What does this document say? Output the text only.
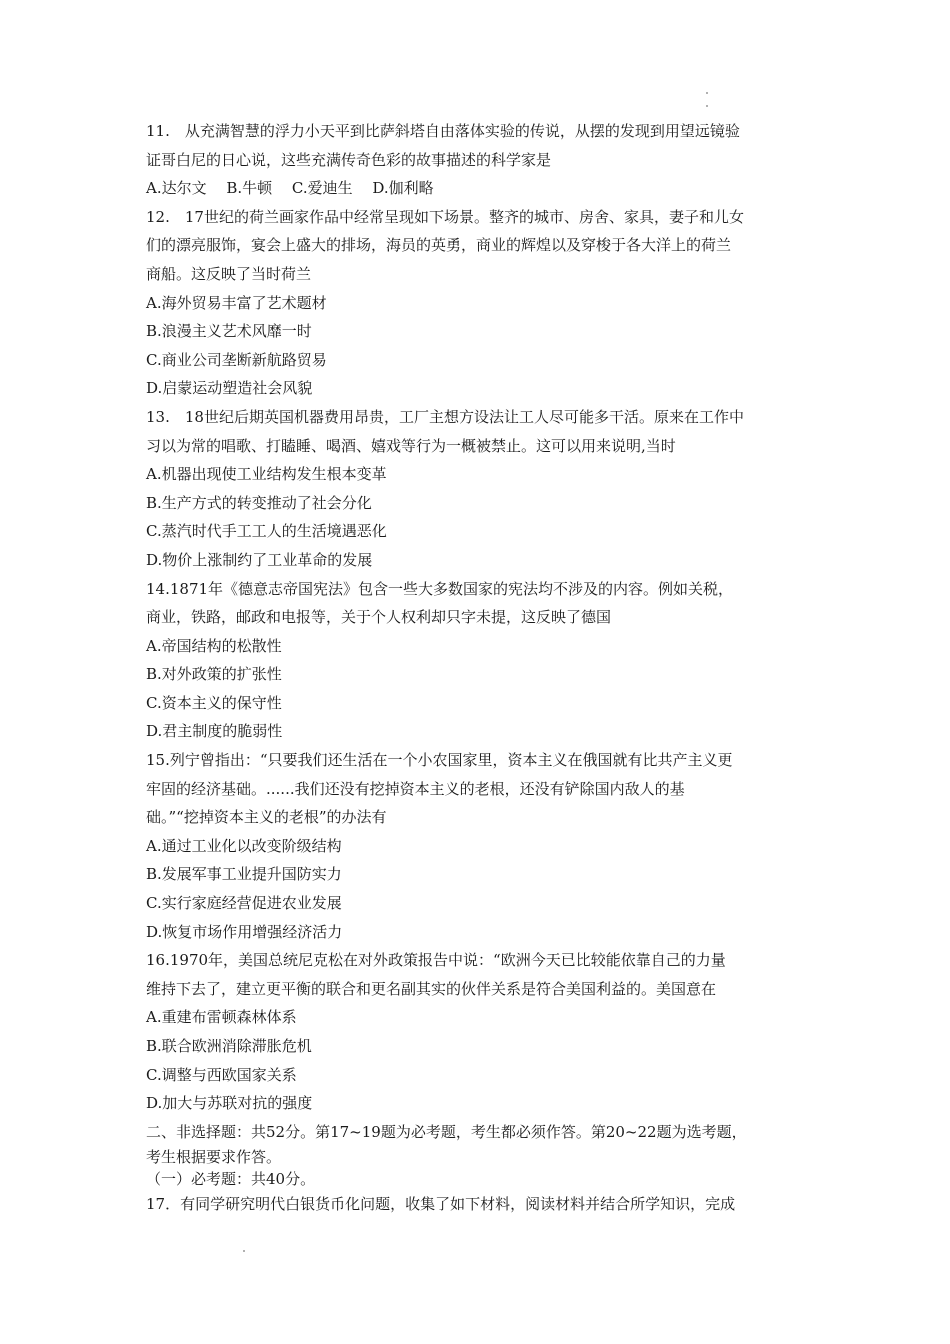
11.　从充满智慧的浮力小天平到比萨斜塔自由落体实验的传说，从摆的发现到用望远镜验
证哥白尼的日心说，这些充满传奇色彩的故事描述的科学家是
A.达尔文　 B.牛顿　 C.爱迪生　 D.伽利略
12.　17世纪的荷兰画家作品中经常呈现如下场景。整齐的城市、房舍、家具，妻子和儿女
们的漂亮服饰，宴会上盛大的排场，海员的英勇，商业的辉煌以及穿梭于各大洋上的荷兰
商船。这反映了当时荷兰
A.海外贸易丰富了艺术题材
B.浪漫主义艺术风靡一时
C.商业公司垄断新航路贸易
D.启蒙运动塑造社会风貌
13.　18世纪后期英国机器费用昂贵，工厂主想方设法让工人尽可能多干活。原来在工作中
习以为常的唱歌、打瞌睡、喝酒、嬉戏等行为一概被禁止。这可以用来说明,当时
A.机器出现使工业结构发生根本变革
B.生产方式的转变推动了社会分化
C.蒸汽时代手工工人的生活境遇恶化
D.物价上涨制约了工业革命的发展
14.1871年《德意志帝国宪法》包含一些大多数国家的宪法均不涉及的内容。例如关税，
商业，铁路，邮政和电报等，关于个人权利却只字未提，这反映了德国
A.帝国结构的松散性
B.对外政策的扩张性
C.资本主义的保守性
D.君主制度的脆弱性
15.列宁曾指出：“只要我们还生活在一个小农国家里，资本主义在俄国就有比共产主义更
牢固的经济基础。......我们还没有挖掉资本主义的老根，还没有铲除国内敌人的基
础。”“挖掉资本主义的老根”的办法有
A.通过工业化以改变阶级结构
B.发展军事工业提升国防实力
C.实行家庭经营促进农业发展
D.恢复市场作用增强经济活力
16.1970年，美国总统尼克松在对外政策报告中说：“欧洲今天已比较能依靠自己的力量
维持下去了，建立更平衡的联合和更名副其实的伙伴关系是符合美国利益的。美国意在
A.重建布雷顿森林体系
B.联合欧洲消除滞胀危机
C.调整与西欧国家关系
D.加大与苏联对抗的强度
二、非选择题：共52分。第17~19题为必考题，考生都必须作答。第20~22题为选考题，
考生根据要求作答。
（一）必考题：共40分。
17．有同学研究明代白银货币化问题，收集了如下材料，阅读材料并结合所学知识，完成
